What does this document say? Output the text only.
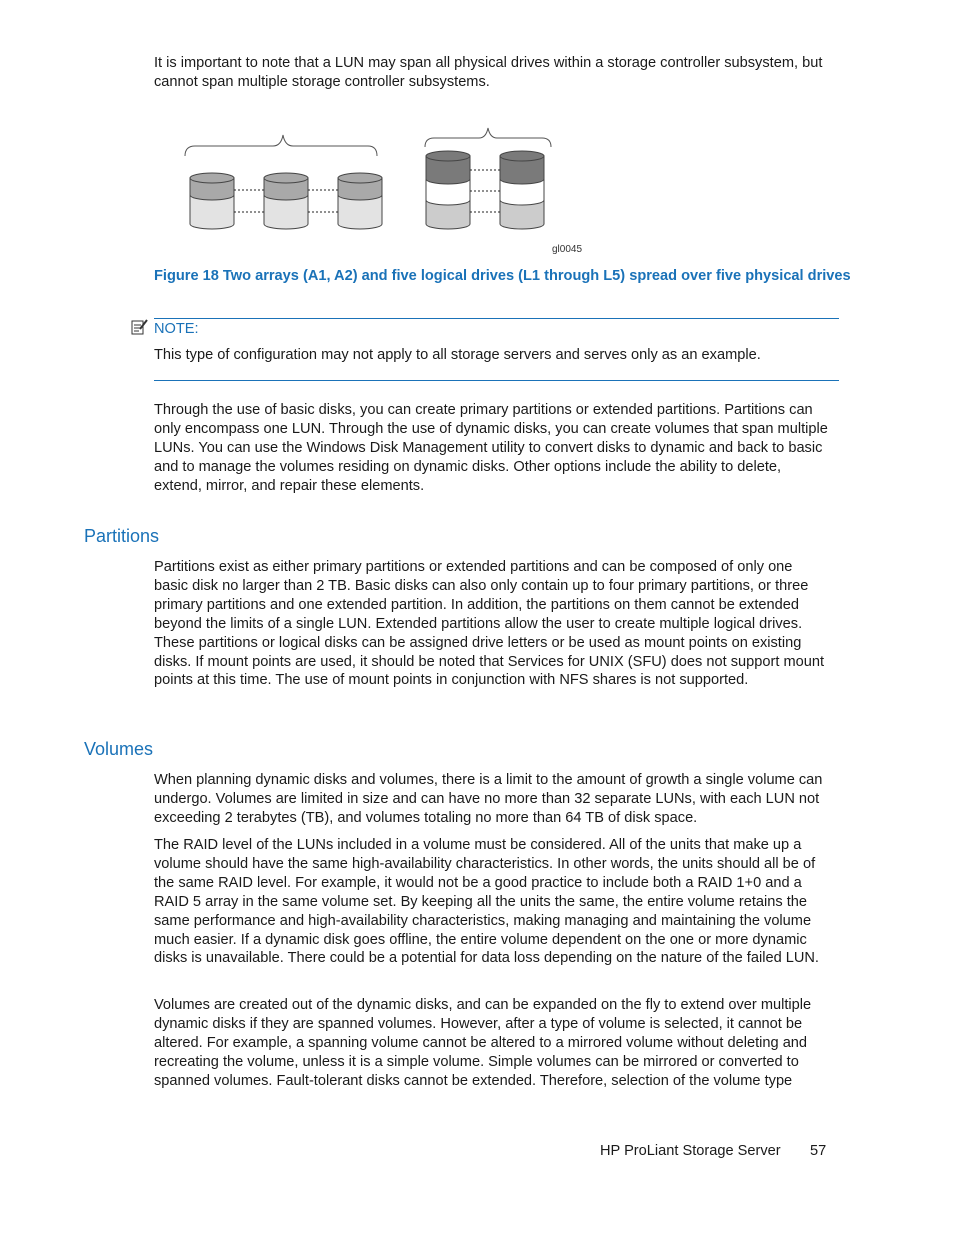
It is important to note that a LUN may span all physical drives within a storage controller subsystem, but cannot span multiple storage controller subsystems.

gl0045

Figure 18 Two arrays (A1, A2) and five logical drives (L1 through L5) spread over five physical drives

NOTE:

This type of configuration may not apply to all storage servers and serves only as an example.

Through the use of basic disks, you can create primary partitions or extended partitions. Partitions can only encompass one LUN. Through the use of dynamic disks, you can create volumes that span multiple LUNs. You can use the Windows Disk Management utility to convert disks to dynamic and back to basic and to manage the volumes residing on dynamic disks. Other options include the ability to delete, extend, mirror, and repair these elements.

Partitions

Partitions exist as either primary partitions or extended partitions and can be composed of only one basic disk no larger than 2 TB. Basic disks can also only contain up to four primary partitions, or three primary partitions and one extended partition. In addition, the partitions on them cannot be extended beyond the limits of a single LUN. Extended partitions allow the user to create multiple logical drives. These partitions or logical disks can be assigned drive letters or be used as mount points on existing disks. If mount points are used, it should be noted that Services for UNIX (SFU) does not support mount points at this time. The use of mount points in conjunction with NFS shares is not supported.

Volumes

When planning dynamic disks and volumes, there is a limit to the amount of growth a single volume can undergo. Volumes are limited in size and can have no more than 32 separate LUNs, with each LUN not exceeding 2 terabytes (TB), and volumes totaling no more than 64 TB of disk space.

The RAID level of the LUNs included in a volume must be considered. All of the units that make up a volume should have the same high-availability characteristics. In other words, the units should all be of the same RAID level. For example, it would not be a good practice to include both a RAID 1+0 and a RAID 5 array in the same volume set. By keeping all the units the same, the entire volume retains the same performance and high-availability characteristics, making managing and maintaining the volume much easier. If a dynamic disk goes offline, the entire volume dependent on the one or more dynamic disks is unavailable. There could be a potential for data loss depending on the nature of the failed LUN.

Volumes are created out of the dynamic disks, and can be expanded on the fly to extend over multiple dynamic disks if they are spanned volumes. However, after a type of volume is selected, it cannot be altered. For example, a spanning volume cannot be altered to a mirrored volume without deleting and recreating the volume, unless it is a simple volume. Simple volumes can be mirrored or converted to spanned volumes. Fault-tolerant disks cannot be extended. Therefore, selection of the volume type

HP ProLiant Storage Server 57
